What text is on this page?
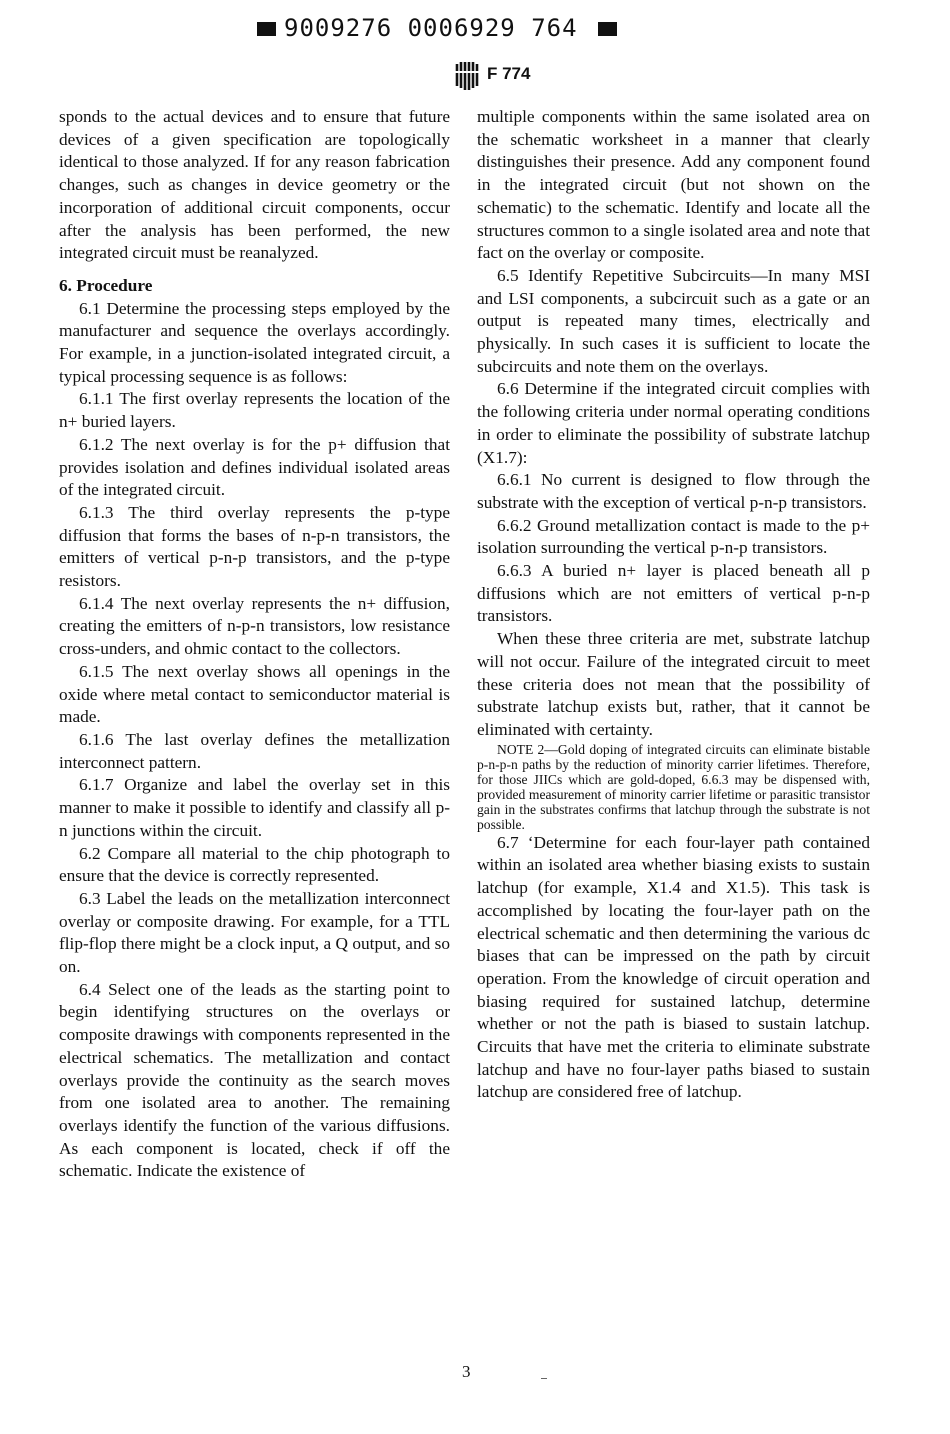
9009276 0006929 764
F 774

sponds to the actual devices and to ensure that future devices of a given specification are topologically identical to those analyzed. If for any reason fabrication changes, such as changes in device geometry or the incorporation of additional circuit components, occur after the analysis has been performed, the new integrated circuit must be reanalyzed.

6. Procedure

6.1 Determine the processing steps employed by the manufacturer and sequence the overlays accordingly. For example, in a junction-isolated integrated circuit, a typical processing sequence is as follows:

6.1.1 The first overlay represents the location of the n+ buried layers.

6.1.2 The next overlay is for the p+ diffusion that provides isolation and defines individual isolated areas of the integrated circuit.

6.1.3 The third overlay represents the p-type diffusion that forms the bases of n-p-n transistors, the emitters of vertical p-n-p transistors, and the p-type resistors.

6.1.4 The next overlay represents the n+ diffusion, creating the emitters of n-p-n transistors, low resistance cross-unders, and ohmic contact to the collectors.

6.1.5 The next overlay shows all openings in the oxide where metal contact to semiconductor material is made.

6.1.6 The last overlay defines the metallization interconnect pattern.

6.1.7 Organize and label the overlay set in this manner to make it possible to identify and classify all p-n junctions within the circuit.

6.2 Compare all material to the chip photograph to ensure that the device is correctly represented.

6.3 Label the leads on the metallization interconnect overlay or composite drawing. For example, for a TTL flip-flop there might be a clock input, a Q output, and so on.

6.4 Select one of the leads as the starting point to begin identifying structures on the overlays or composite drawings with components represented in the electrical schematics. The metallization and contact overlays provide the continuity as the search moves from one isolated area to another. The remaining overlays identify the function of the various diffusions. As each component is located, check if off the schematic. Indicate the existence of

multiple components within the same isolated area on the schematic worksheet in a manner that clearly distinguishes their presence. Add any component found in the integrated circuit (but not shown on the schematic) to the schematic. Identify and locate all the structures common to a single isolated area and note that fact on the overlay or composite.

6.5 Identify Repetitive Subcircuits—In many MSI and LSI components, a subcircuit such as a gate or an output is repeated many times, electrically and physically. In such cases it is sufficient to locate the subcircuits and note them on the overlays.

6.6 Determine if the integrated circuit complies with the following criteria under normal operating conditions in order to eliminate the possibility of substrate latchup (X1.7):

6.6.1 No current is designed to flow through the substrate with the exception of vertical p-n-p transistors.

6.6.2 Ground metallization contact is made to the p+ isolation surrounding the vertical p-n-p transistors.

6.6.3 A buried n+ layer is placed beneath all p diffusions which are not emitters of vertical p-n-p transistors.

When these three criteria are met, substrate latchup will not occur. Failure of the integrated circuit to meet these criteria does not mean that the possibility of substrate latchup exists but, rather, that it cannot be eliminated with certainty.

NOTE 2—Gold doping of integrated circuits can eliminate bistable p-n-p-n paths by the reduction of minority carrier lifetimes. Therefore, for those JIICs which are gold-doped, 6.6.3 may be dispensed with, provided measurement of minority carrier lifetime or parasitic transistor gain in the substrates confirms that latchup through the substrate is not possible.

6.7 ‘Determine for each four-layer path contained within an isolated area whether biasing exists to sustain latchup (for example, X1.4 and X1.5). This task is accomplished by locating the four-layer path on the electrical schematic and then determining the various dc biases that can be impressed on the path by circuit operation. From the knowledge of circuit operation and biasing required for sustained latchup, determine whether or not the path is biased to sustain latchup. Circuits that have met the criteria to eliminate substrate latchup and have no four-layer paths biased to sustain latchup are considered free of latchup.

3
